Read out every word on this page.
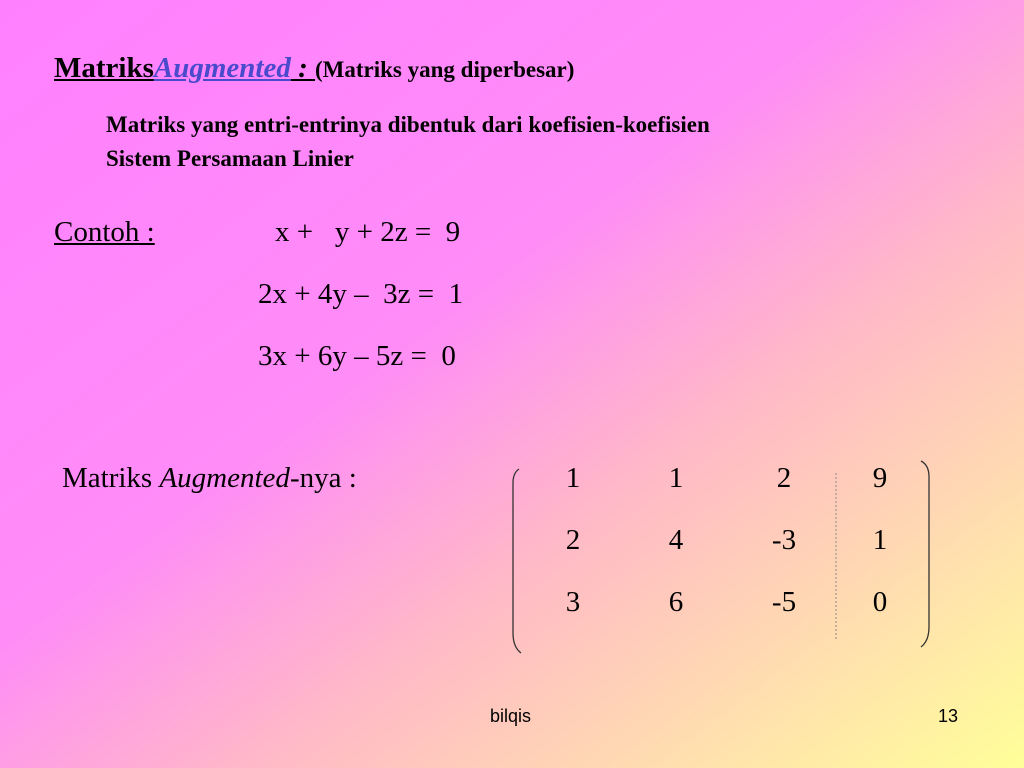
MatriksAugmented : (Matriks yang diperbesar)
Matriks yang entri-entrinya dibentuk dari koefisien-koefisien
Sistem Persamaan Linier
Contoh :	x +   y + 2z =  9
2x + 4y –  3z =  1
3x + 6y – 5z =  0
Matriks Augmented-nya :	1	1	2	9
2	4	-3	1
3	6	-5	0
bilqis	13
